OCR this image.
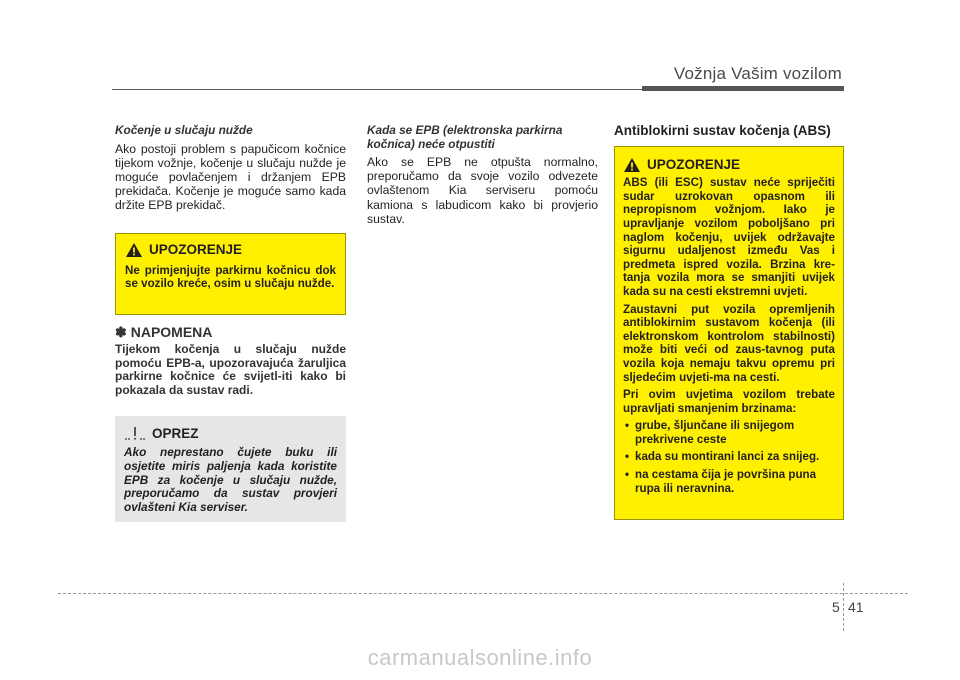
Vožnja Vašim vozilom
Kočenje u slučaju nužde
Ako postoji problem s papučicom kočnice tijekom vožnje, kočenje u slučaju nužde je moguće povlačenjem i držanjem EPB prekidača. Kočenje je moguće samo kada držite EPB prekidač.
UPOZORENJE
Ne primjenjujte parkirnu kočnicu dok se vozilo kreće, osim u slučaju nužde.
✽ NAPOMENA
Tijekom kočenja u slučaju nužde pomoću EPB-a, upozoravajuća žaruljica parkirne kočnice će svijetl-iti kako bi pokazala da sustav radi.
OPREZ
Ako neprestano čujete buku ili osjetite miris paljenja kada koristite EPB za kočenje u slučaju nužde, preporučamo da sustav provjeri ovlašteni Kia serviser.
Kada se EPB (elektronska parkirna kočnica) neće otpustiti
Ako se EPB ne otpušta normalno, preporučamo da svoje vozilo odvezete ovlaštenom Kia serviseru pomoću kamiona s labudicom kako bi provjerio sustav.
Antiblokirni sustav kočenja (ABS)
UPOZORENJE

ABS (ili ESC) sustav neće spriječiti sudar uzrokovan opasnom ili nepropisnom vožnjom. Iako je upravljanje vozilom poboljšano pri naglom kočenju, uvijek održavajte sigurnu udaljenost između Vas i predmeta ispred vozila. Brzina kre-tanja vozila mora se smanjiti uvijek kada su na cesti ekstremni uvjeti.

Zaustavni put vozila opremljenih antiblokirnim sustavom kočenja (ili elektronskom kontrolom stabilnosti) može biti veći od zaus-tavnog puta vozila koja nemaju takvu opremu pri sljedećim uvjeti-ma na cesti.

Pri ovim uvjetima vozilom trebate upravljati smanjenim brzinama:

• grube, šljunčane ili snijegom prekrivene ceste
• kada su montirani lanci za snijeg.
• na cestama čija je površina puna rupa ili neravnina.
5 41
carmanualsonline.info
